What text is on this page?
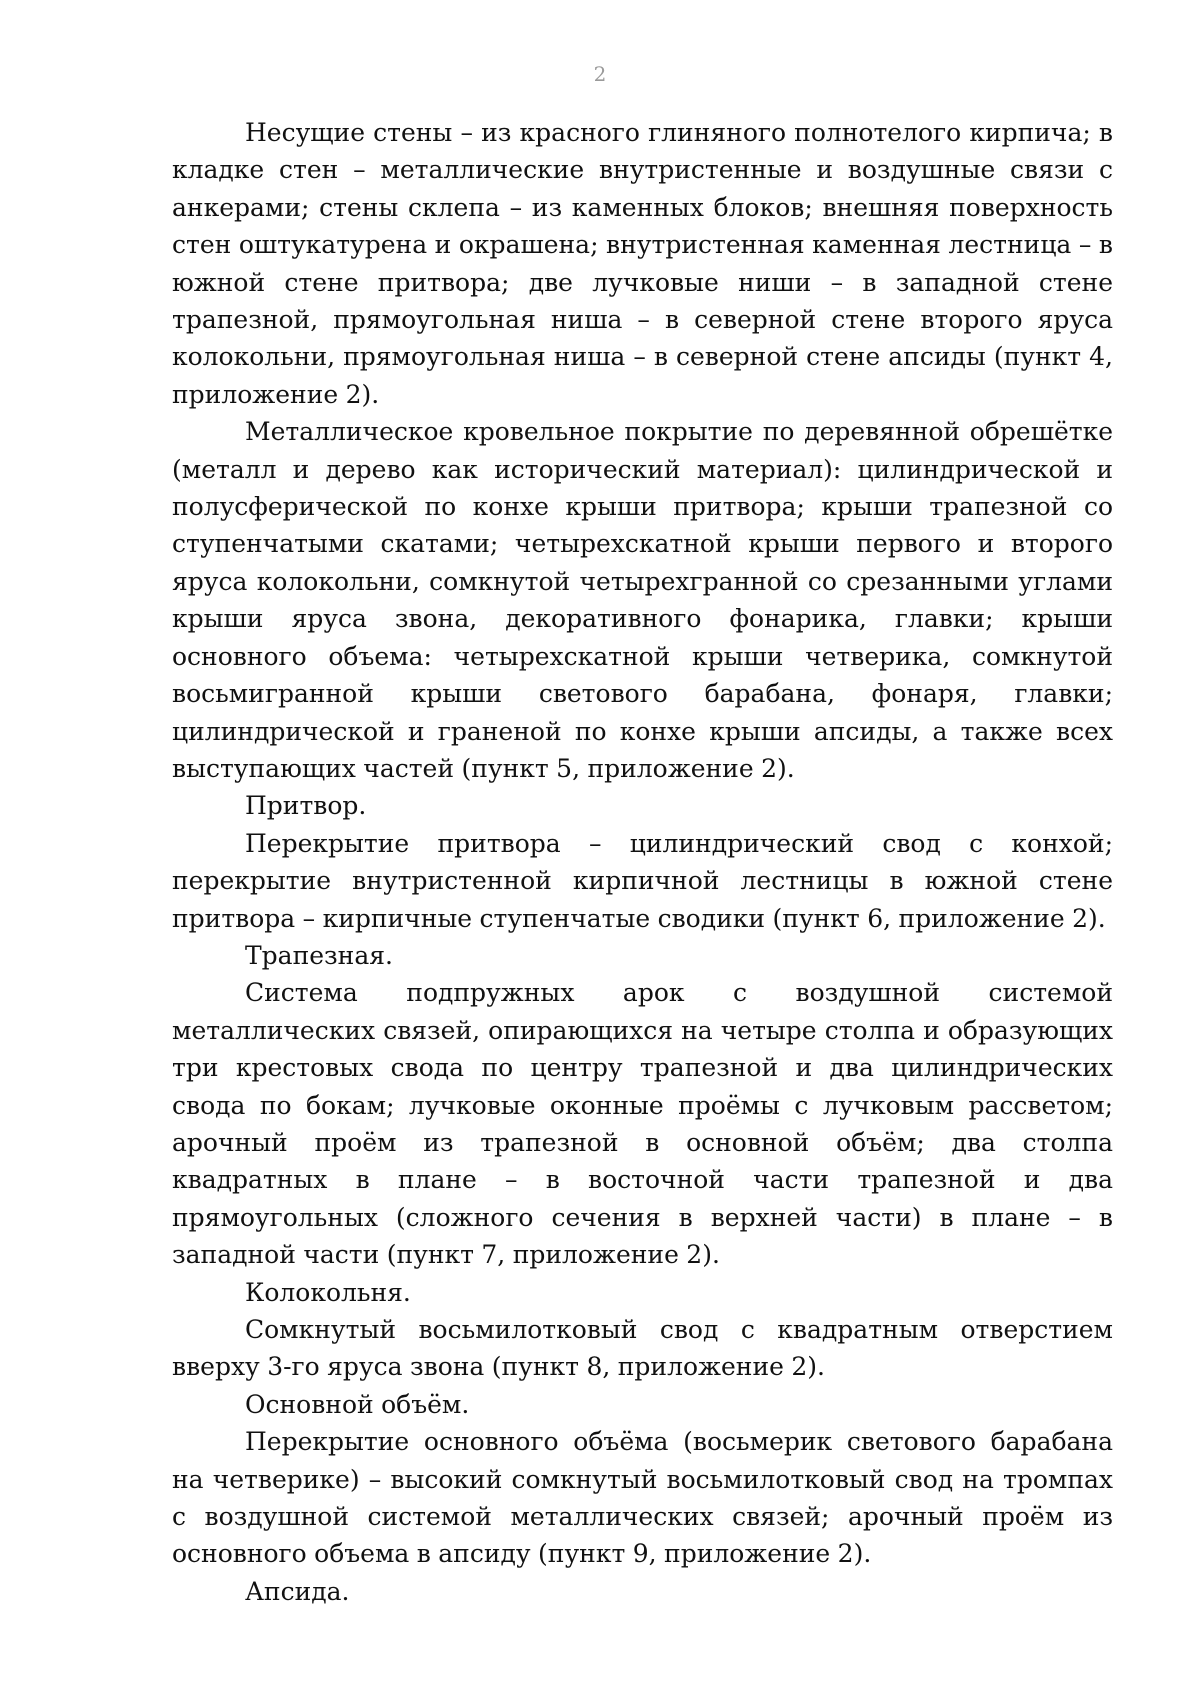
2

Несущие стены – из красного глиняного полнотелого кирпича; в кладке стен – металлические внутристенные и воздушные связи с анкерами; стены склепа – из каменных блоков; внешняя поверхность стен оштукатурена и окрашена; внутристенная каменная лестница – в южной стене притвора; две лучковые ниши – в западной стене трапезной, прямоугольная ниша – в северной стене второго яруса колокольни, прямоугольная ниша – в северной стене апсиды (пункт 4, приложение 2).

Металлическое кровельное покрытие по деревянной обрешётке (металл и дерево как исторический материал): цилиндрической и полусферической по конхе крыши притвора; крыши трапезной со ступенчатыми скатами; четырехскатной крыши первого и второго яруса колокольни, сомкнутой четырехгранной со срезанными углами крыши яруса звона, декоративного фонарика, главки; крыши основного объема: четырехскатной крыши четверика, сомкнутой восьмигранной крыши светового барабана, фонаря, главки; цилиндрической и граненой по конхе крыши апсиды, а также всех выступающих частей (пункт 5, приложение 2).

Притвор.

Перекрытие притвора – цилиндрический свод с конхой; перекрытие внутристенной кирпичной лестницы в южной стене притвора – кирпичные ступенчатые сводики (пункт 6, приложение 2).

Трапезная.

Система подпружных арок с воздушной системой металлических связей, опирающихся на четыре столпа и образующих три крестовых свода по центру трапезной и два цилиндрических свода по бокам; лучковые оконные проёмы с лучковым рассветом; арочный проём из трапезной в основной объём; два столпа квадратных в плане – в восточной части трапезной и два прямоугольных (сложного сечения в верхней части) в плане – в западной части (пункт 7, приложение 2).

Колокольня.

Сомкнутый восьмилотковый свод с квадратным отверстием вверху 3-го яруса звона (пункт 8, приложение 2).

Основной объём.

Перекрытие основного объёма (восьмерик светового барабана на четверике) – высокий сомкнутый восьмилотковый свод на тромпах с воздушной системой металлических связей; арочный проём из основного объема в апсиду (пункт 9, приложение 2).

Апсида.
